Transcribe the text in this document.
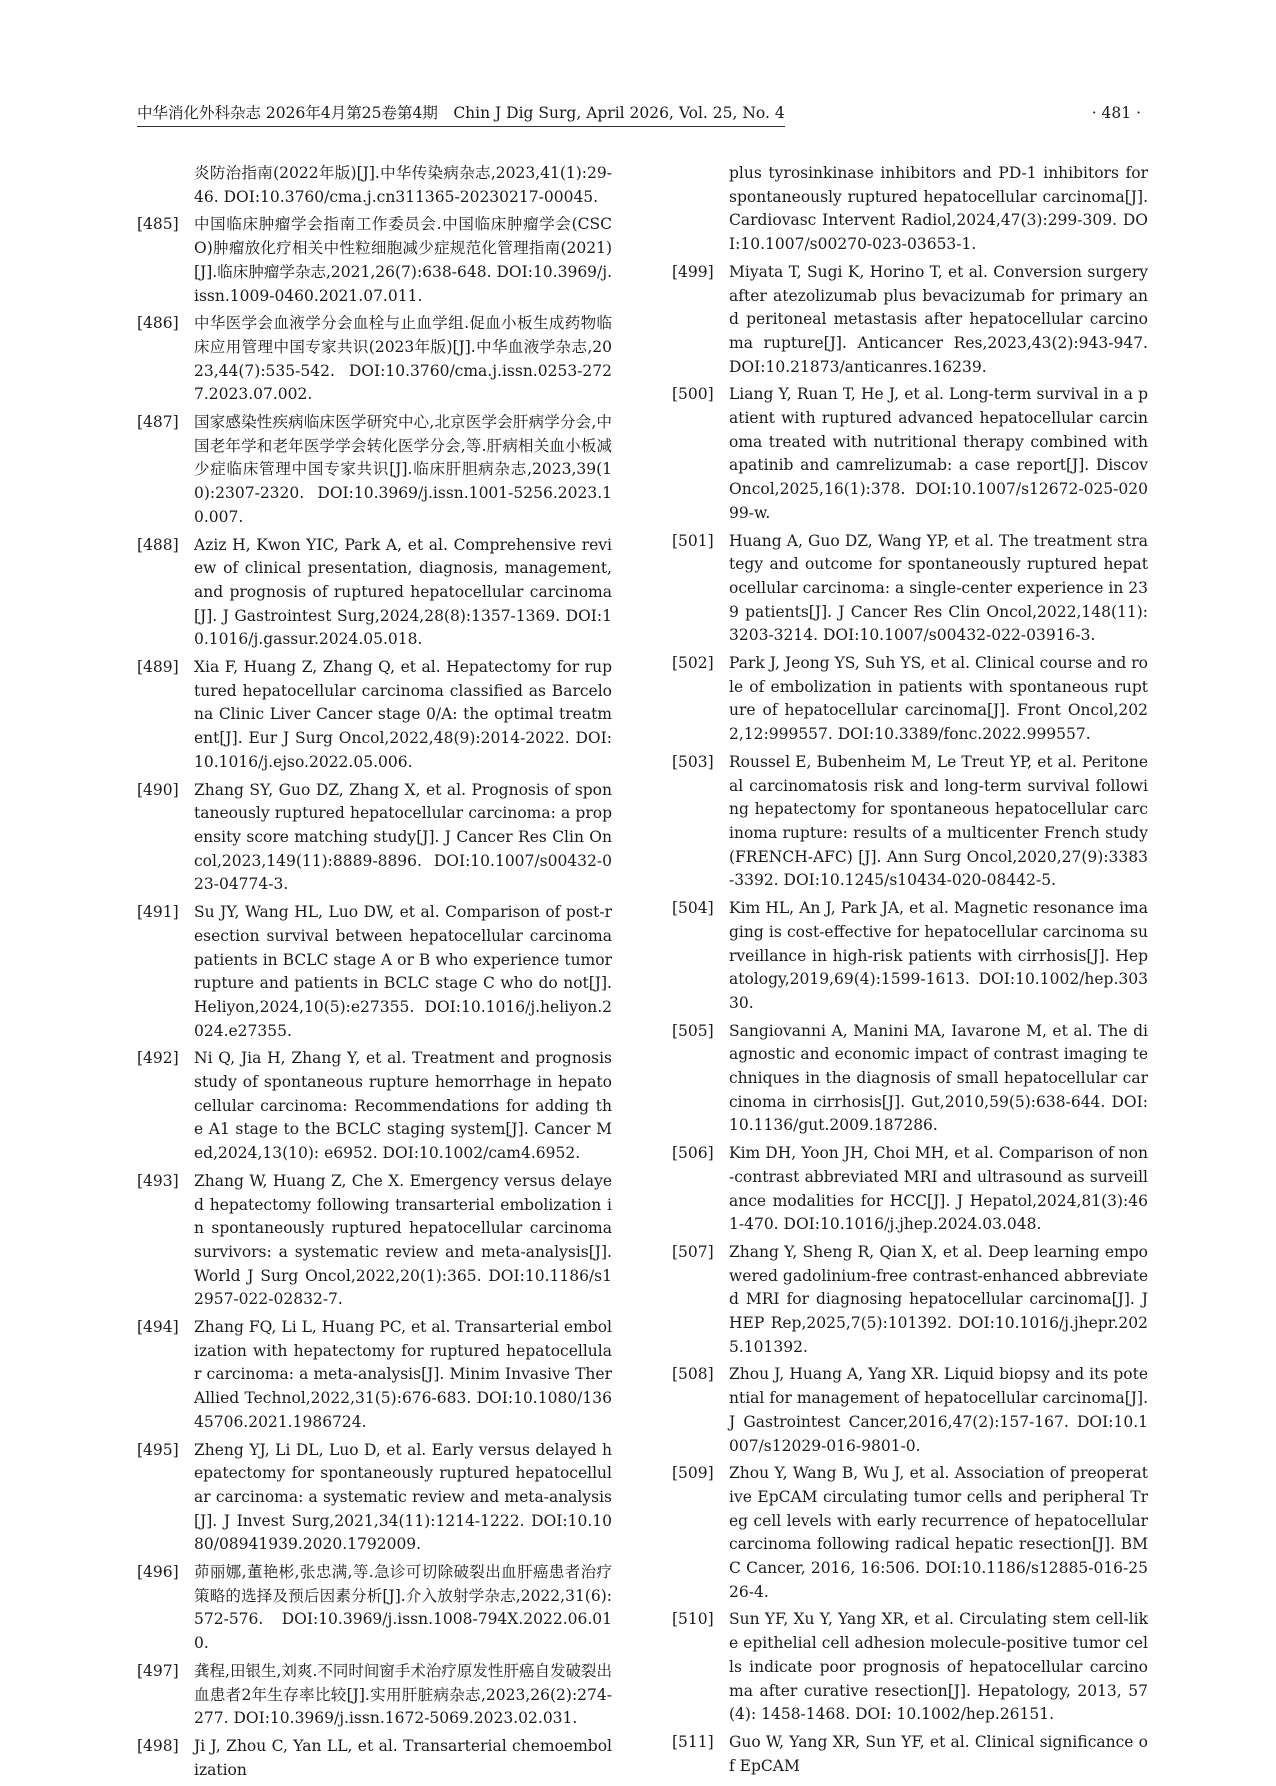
中华消化外科杂志 2026年4月第25卷第4期　Chin J Dig Surg, April 2026, Vol. 25, No. 4	· 481 ·
炎防治指南(2022年版)[J].中华传染病杂志,2023,41(1):29-46. DOI:10.3760/cma.j.cn311365-20230217-00045.
[485] 中国临床肿瘤学会指南工作委员会.中国临床肿瘤学会(CSCO)肿瘤放化疗相关中性粒细胞减少症规范化管理指南(2021)[J].临床肿瘤学杂志,2021,26(7):638-648. DOI:10.3969/j.issn.1009-0460.2021.07.011.
[486] 中华医学会血液学分会血栓与止血学组.促血小板生成药物临床应用管理中国专家共识(2023年版)[J].中华血液学杂志,2023,44(7):535-542. DOI:10.3760/cma.j.issn.0253-2727.2023.07.002.
[487] 国家感染性疾病临床医学研究中心,北京医学会肝病学分会,中国老年学和老年医学学会转化医学分会,等.肝病相关血小板减少症临床管理中国专家共识[J].临床肝胆病杂志,2023,39(10):2307-2320. DOI:10.3969/j.issn.1001-5256.2023.10.007.
[488] Aziz H, Kwon YIC, Park A, et al. Comprehensive review of clinical presentation, diagnosis, management, and prognosis of ruptured hepatocellular carcinoma[J]. J Gastrointest Surg,2024,28(8):1357-1369. DOI:10.1016/j.gassur.2024.05.018.
[489] Xia F, Huang Z, Zhang Q, et al. Hepatectomy for ruptured hepatocellular carcinoma classified as Barcelona Clinic Liver Cancer stage 0/A: the optimal treatment[J]. Eur J Surg Oncol,2022,48(9):2014-2022. DOI:10.1016/j.ejso.2022.05.006.
[490] Zhang SY, Guo DZ, Zhang X, et al. Prognosis of spontaneously ruptured hepatocellular carcinoma: a propensity score matching study[J]. J Cancer Res Clin Oncol,2023,149(11):8889-8896. DOI:10.1007/s00432-023-04774-3.
[491] Su JY, Wang HL, Luo DW, et al. Comparison of post-resection survival between hepatocellular carcinoma patients in BCLC stage A or B who experience tumor rupture and patients in BCLC stage C who do not[J]. Heliyon,2024,10(5):e27355. DOI:10.1016/j.heliyon.2024.e27355.
[492] Ni Q, Jia H, Zhang Y, et al. Treatment and prognosis study of spontaneous rupture hemorrhage in hepatocellular carcinoma: Recommendations for adding the A1 stage to the BCLC staging system[J]. Cancer Med,2024,13(10): e6952. DOI:10.1002/cam4.6952.
[493] Zhang W, Huang Z, Che X. Emergency versus delayed hepatectomy following transarterial embolization in spontaneously ruptured hepatocellular carcinoma survivors: a systematic review and meta-analysis[J]. World J Surg Oncol,2022,20(1):365. DOI:10.1186/s12957-022-02832-7.
[494] Zhang FQ, Li L, Huang PC, et al. Transarterial embolization with hepatectomy for ruptured hepatocellular carcinoma: a meta-analysis[J]. Minim Invasive Ther Allied Technol,2022,31(5):676-683. DOI:10.1080/13645706.2021.1986724.
[495] Zheng YJ, Li DL, Luo D, et al. Early versus delayed hepatectomy for spontaneously ruptured hepatocellular carcinoma: a systematic review and meta-analysis[J]. J Invest Surg,2021,34(11):1214-1222. DOI:10.1080/08941939.2020.1792009.
[496] 茆丽娜,董艳彬,张忠满,等.急诊可切除破裂出血肝癌患者治疗策略的选择及预后因素分析[J].介入放射学杂志,2022,31(6):572-576. DOI:10.3969/j.issn.1008-794X.2022.06.010.
[497] 龚程,田银生,刘爽.不同时间窗手术治疗原发性肝癌自发破裂出血患者2年生存率比较[J].实用肝脏病杂志,2023,26(2):274-277. DOI:10.3969/j.issn.1672-5069.2023.02.031.
[498] Ji J, Zhou C, Yan LL, et al. Transarterial chemoembolization
plus tyrosinkinase inhibitors and PD-1 inhibitors for spontaneously ruptured hepatocellular carcinoma[J]. Cardiovasc Intervent Radiol,2024,47(3):299-309. DOI:10.1007/s00270-023-03653-1.
[499] Miyata T, Sugi K, Horino T, et al. Conversion surgery after atezolizumab plus bevacizumab for primary and peritoneal metastasis after hepatocellular carcinoma rupture[J]. Anticancer Res,2023,43(2):943-947. DOI:10.21873/anticanres.16239.
[500] Liang Y, Ruan T, He J, et al. Long-term survival in a patient with ruptured advanced hepatocellular carcinoma treated with nutritional therapy combined with apatinib and camrelizumab: a case report[J]. Discov Oncol,2025,16(1):378. DOI:10.1007/s12672-025-02099-w.
[501] Huang A, Guo DZ, Wang YP, et al. The treatment strategy and outcome for spontaneously ruptured hepatocellular carcinoma: a single-center experience in 239 patients[J]. J Cancer Res Clin Oncol,2022,148(11):3203-3214. DOI:10.1007/s00432-022-03916-3.
[502] Park J, Jeong YS, Suh YS, et al. Clinical course and role of embolization in patients with spontaneous rupture of hepatocellular carcinoma[J]. Front Oncol,2022,12:999557. DOI:10.3389/fonc.2022.999557.
[503] Roussel E, Bubenheim M, Le Treut YP, et al. Peritoneal carcinomatosis risk and long-term survival following hepatectomy for spontaneous hepatocellular carcinoma rupture: results of a multicenter French study (FRENCH-AFC) [J]. Ann Surg Oncol,2020,27(9):3383-3392. DOI:10.1245/s10434-020-08442-5.
[504] Kim HL, An J, Park JA, et al. Magnetic resonance imaging is cost-effective for hepatocellular carcinoma surveillance in high-risk patients with cirrhosis[J]. Hepatology,2019,69(4):1599-1613. DOI:10.1002/hep.30330.
[505] Sangiovanni A, Manini MA, Iavarone M, et al. The diagnostic and economic impact of contrast imaging techniques in the diagnosis of small hepatocellular carcinoma in cirrhosis[J]. Gut,2010,59(5):638-644. DOI:10.1136/gut.2009.187286.
[506] Kim DH, Yoon JH, Choi MH, et al. Comparison of non-contrast abbreviated MRI and ultrasound as surveillance modalities for HCC[J]. J Hepatol,2024,81(3):461-470. DOI:10.1016/j.jhep.2024.03.048.
[507] Zhang Y, Sheng R, Qian X, et al. Deep learning empowered gadolinium-free contrast-enhanced abbreviated MRI for diagnosing hepatocellular carcinoma[J]. JHEP Rep,2025,7(5):101392. DOI:10.1016/j.jhepr.2025.101392.
[508] Zhou J, Huang A, Yang XR. Liquid biopsy and its potential for management of hepatocellular carcinoma[J]. J Gastrointest Cancer,2016,47(2):157-167. DOI:10.1007/s12029-016-9801-0.
[509] Zhou Y, Wang B, Wu J, et al. Association of preoperative EpCAM circulating tumor cells and peripheral Treg cell levels with early recurrence of hepatocellular carcinoma following radical hepatic resection[J]. BMC Cancer, 2016, 16:506. DOI:10.1186/s12885-016-2526-4.
[510] Sun YF, Xu Y, Yang XR, et al. Circulating stem cell-like epithelial cell adhesion molecule-positive tumor cells indicate poor prognosis of hepatocellular carcinoma after curative resection[J]. Hepatology, 2013, 57(4): 1458-1468. DOI: 10.1002/hep.26151.
[511] Guo W, Yang XR, Sun YF, et al. Clinical significance of EpCAM
